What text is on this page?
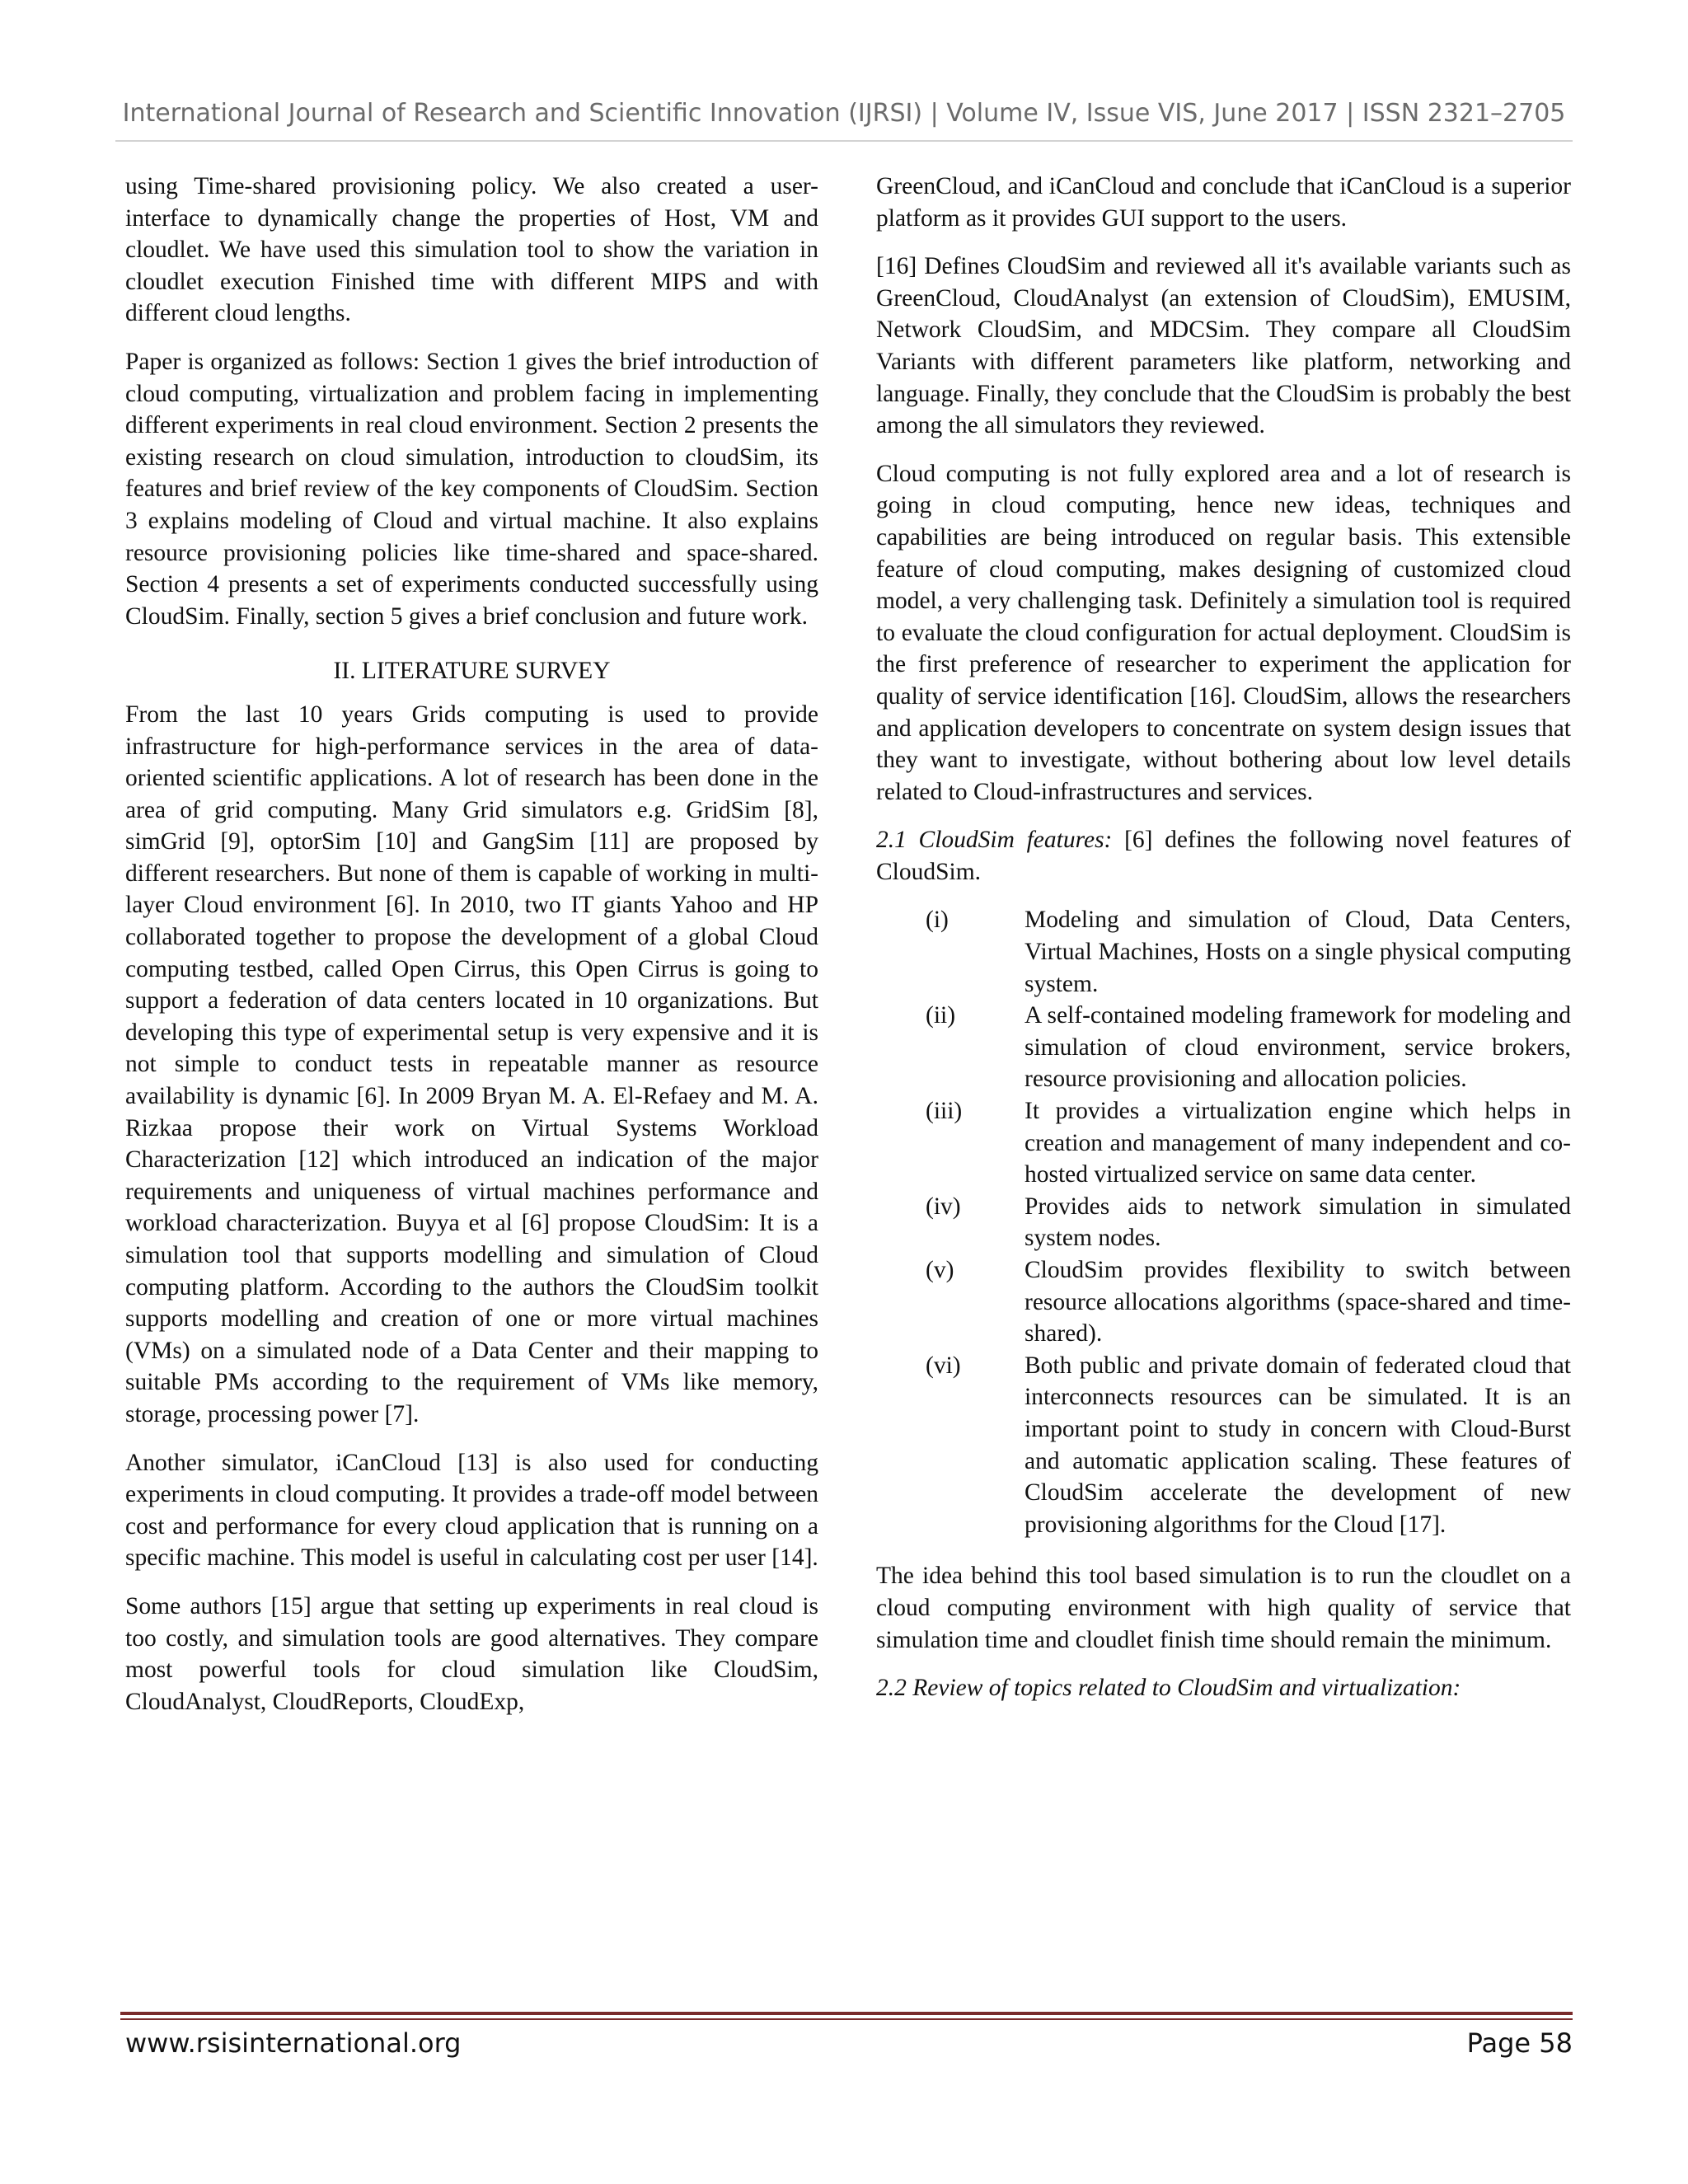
International Journal of Research and Scientific Innovation (IJRSI) | Volume IV, Issue VIS, June 2017 | ISSN 2321–2705

using Time-shared provisioning policy. We also created a user-interface to dynamically change the properties of Host, VM and cloudlet. We have used this simulation tool to show the variation in cloudlet execution Finished time with different MIPS and with different cloud lengths.

Paper is organized as follows: Section 1 gives the brief introduction of cloud computing, virtualization and problem facing in implementing different experiments in real cloud environment. Section 2 presents the existing research on cloud simulation, introduction to cloudSim, its features and brief review of the key components of CloudSim. Section 3 explains modeling of Cloud and virtual machine. It also explains resource provisioning policies like time-shared and space-shared. Section 4 presents a set of experiments conducted successfully using CloudSim. Finally, section 5 gives a brief conclusion and future work.

II. LITERATURE SURVEY

From the last 10 years Grids computing is used to provide infrastructure for high-performance services in the area of data-oriented scientific applications. A lot of research has been done in the area of grid computing. Many Grid simulators e.g. GridSim [8], simGrid [9], optorSim [10] and GangSim [11] are proposed by different researchers. But none of them is capable of working in multi-layer Cloud environment [6]. In 2010, two IT giants Yahoo and HP collaborated together to propose the development of a global Cloud computing testbed, called Open Cirrus, this Open Cirrus is going to support a federation of data centers located in 10 organizations. But developing this type of experimental setup is very expensive and it is not simple to conduct tests in repeatable manner as resource availability is dynamic [6]. In 2009 Bryan M. A. El-Refaey and M. A. Rizkaa propose their work on Virtual Systems Workload Characterization [12] which introduced an indication of the major requirements and uniqueness of virtual machines performance and workload characterization. Buyya et al [6] propose CloudSim: It is a simulation tool that supports modelling and simulation of Cloud computing platform. According to the authors the CloudSim toolkit supports modelling and creation of one or more virtual machines (VMs) on a simulated node of a Data Center and their mapping to suitable PMs according to the requirement of VMs like memory, storage, processing power [7].

Another simulator, iCanCloud [13] is also used for conducting experiments in cloud computing. It provides a trade-off model between cost and performance for every cloud application that is running on a specific machine. This model is useful in calculating cost per user [14].

Some authors [15] argue that setting up experiments in real cloud is too costly, and simulation tools are good alternatives. They compare most powerful tools for cloud simulation like CloudSim, CloudAnalyst, CloudReports, CloudExp,

GreenCloud, and iCanCloud and conclude that iCanCloud is a superior platform as it provides GUI support to the users.

[16] Defines CloudSim and reviewed all it's available variants such as GreenCloud, CloudAnalyst (an extension of CloudSim), EMUSIM, Network CloudSim, and MDCSim. They compare all CloudSim Variants with different parameters like platform, networking and language. Finally, they conclude that the CloudSim is probably the best among the all simulators they reviewed.

Cloud computing is not fully explored area and a lot of research is going in cloud computing, hence new ideas, techniques and capabilities are being introduced on regular basis. This extensible feature of cloud computing, makes designing of customized cloud model, a very challenging task. Definitely a simulation tool is required to evaluate the cloud configuration for actual deployment. CloudSim is the first preference of researcher to experiment the application for quality of service identification [16]. CloudSim, allows the researchers and application developers to concentrate on system design issues that they want to investigate, without bothering about low level details related to Cloud-infrastructures and services.

2.1 CloudSim features: [6] defines the following novel features of CloudSim.

(i)	Modeling and simulation of Cloud, Data Centers, Virtual Machines, Hosts on a single physical computing system.
(ii)	A self-contained modeling framework for modeling and simulation of cloud environment, service brokers, resource provisioning and allocation policies.
(iii)	It provides a virtualization engine which helps in creation and management of many independent and co-hosted virtualized service on same data center.
(iv)	Provides aids to network simulation in simulated system nodes.
(v)	CloudSim provides flexibility to switch between resource allocations algorithms (space-shared and time-shared).
(vi)	Both public and private domain of federated cloud that interconnects resources can be simulated. It is an important point to study in concern with Cloud-Burst and automatic application scaling. These features of CloudSim accelerate the development of new provisioning algorithms for the Cloud [17].

The idea behind this tool based simulation is to run the cloudlet on a cloud computing environment with high quality of service that simulation time and cloudlet finish time should remain the minimum.

2.2 Review of topics related to CloudSim and virtualization:

www.rsisinternational.org	Page 58
